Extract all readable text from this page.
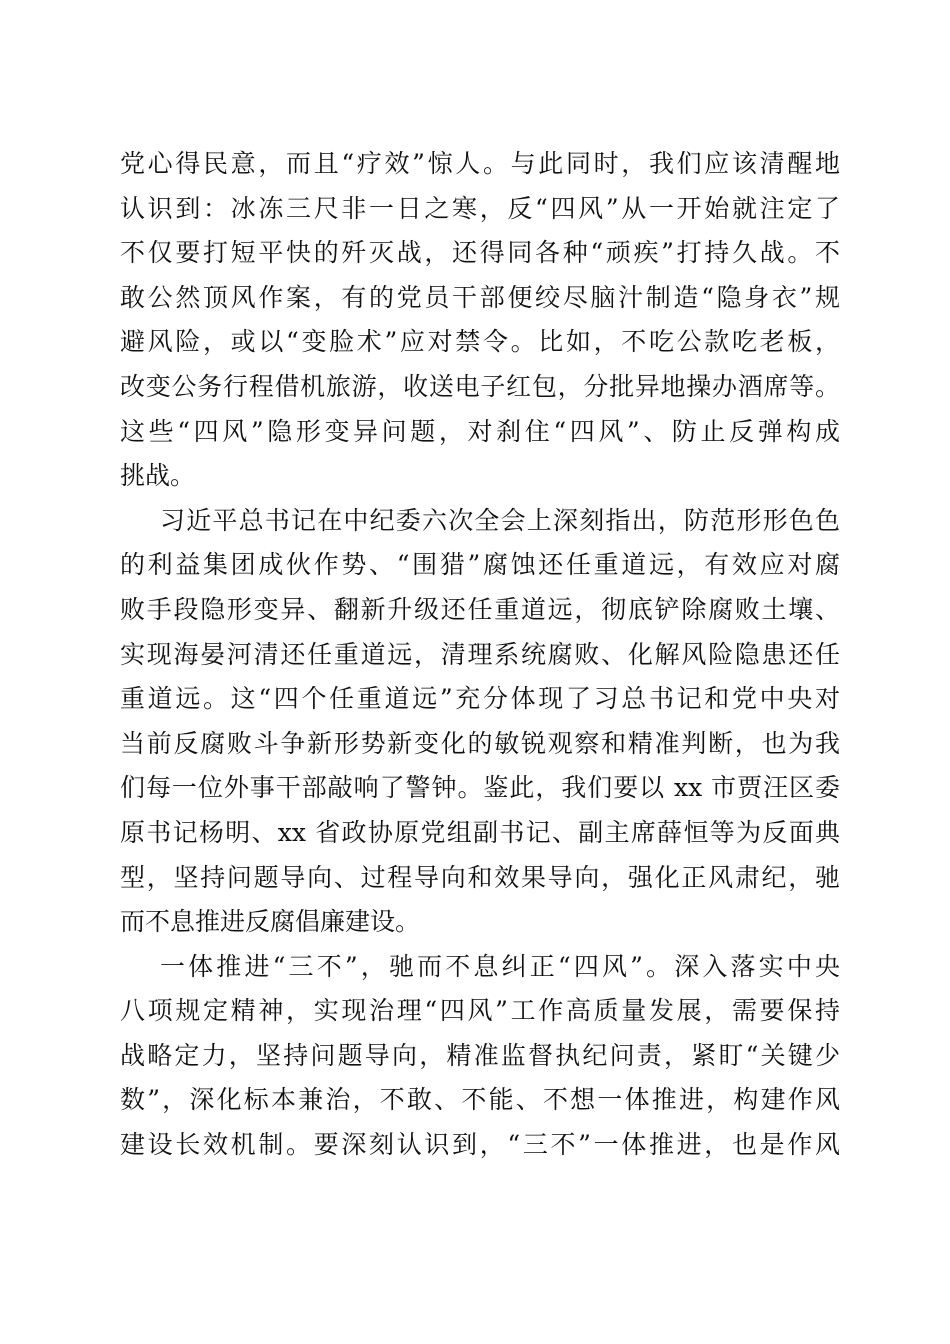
党心得民意，而且“疗效”惊人。与此同时，我们应该清醒地
认识到：冰冻三尺非一日之寒，反“四风”从一开始就注定了
不仅要打短平快的歼灭战，还得同各种“顽疾”打持久战。不
敢公然顶风作案，有的党员干部便绞尽脑汁制造“隐身衣”规
避风险，或以“变脸术”应对禁令。比如，不吃公款吃老板，
改变公务行程借机旅游，收送电子红包，分批异地操办酒席等。
这些“四风”隐形变异问题，对刹住“四风”、防止反弹构成
挑战。
习近平总书记在中纪委六次全会上深刻指出，防范形形色色
的利益集团成伙作势、“围猎”腐蚀还任重道远，有效应对腐
败手段隐形变异、翻新升级还任重道远，彻底铲除腐败土壤、
实现海晏河清还任重道远，清理系统腐败、化解风险隐患还任
重道远。这“四个任重道远”充分体现了习总书记和党中央对
当前反腐败斗争新形势新变化的敏锐观察和精准判断，也为我
们每一位外事干部敲响了警钟。鉴此，我们要以 xx 市贾汪区委
原书记杨明、xx 省政协原党组副书记、副主席薛恒等为反面典
型，坚持问题导向、过程导向和效果导向，强化正风肃纪，驰
而不息推进反腐倡廉建设。
一体推进“三不”，驰而不息纠正“四风”。深入落实中央
八项规定精神，实现治理“四风”工作高质量发展，需要保持
战略定力，坚持问题导向，精准监督执纪问责，紧盯“关键少
数”，深化标本兼治，不敢、不能、不想一体推进，构建作风
建设长效机制。要深刻认识到，“三不”一体推进，也是作风
